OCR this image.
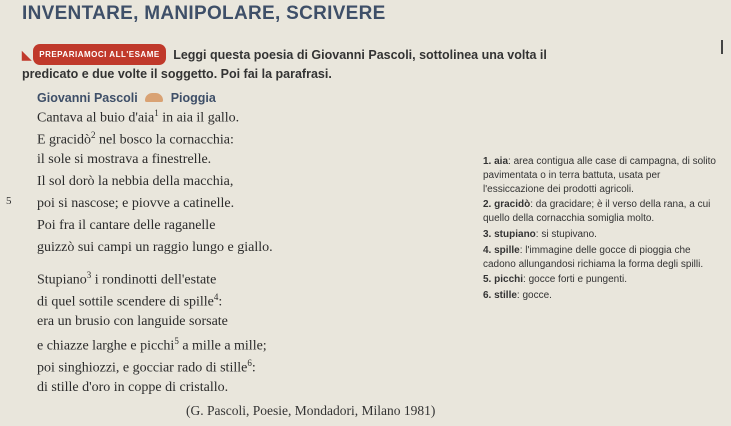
INVENTARE, MANIPOLARE, SCRIVERE
◣ PREPARIAMOCI ALL'ESAME Leggi questa poesia di Giovanni Pascoli, sottolinea una volta il
predicato e due volte il soggetto. Poi fai la parafrasi.
Giovanni Pascoli	Pioggia
5
Cantava al buio d'aia$^1$ in aia il gallo.
E gracidò$^2$ nel bosco la cornacchia:
il sole si mostrava a finestrelle.
Il sol dorò la nebbia della macchia,
poi si nascose; e piovve a catinelle.
Poi fra il cantare delle raganelle
guizzò sui campi un raggio lungo e giallo.
Stupiano$^3$ i rondinotti dell'estate
di quel sottile scendere di spille$^4$:
era un brusio con languide sorsate
e chiazze larghe e picchi$^5$ a mille a mille;
poi singhiozzi, e gocciar rado di stille$^6$:
di stille d'oro in coppe di cristallo.
1. aia: area contigua alle case di campagna, di solito pavimentata o in terra battuta, usata per l'essiccazione dei prodotti agricoli.
2. gracidò: da gracidare; è il verso della rana, a cui quello della cornacchia somiglia molto.
3. stupiano: si stupivano.
4. spille: l'immagine delle gocce di pioggia che cadono allungandosi richiama la forma degli spilli.
5. picchi: gocce forti e pungenti.
6. stille: gocce.
(G. Pascoli, Poesie, Mondadori, Milano 1981)
